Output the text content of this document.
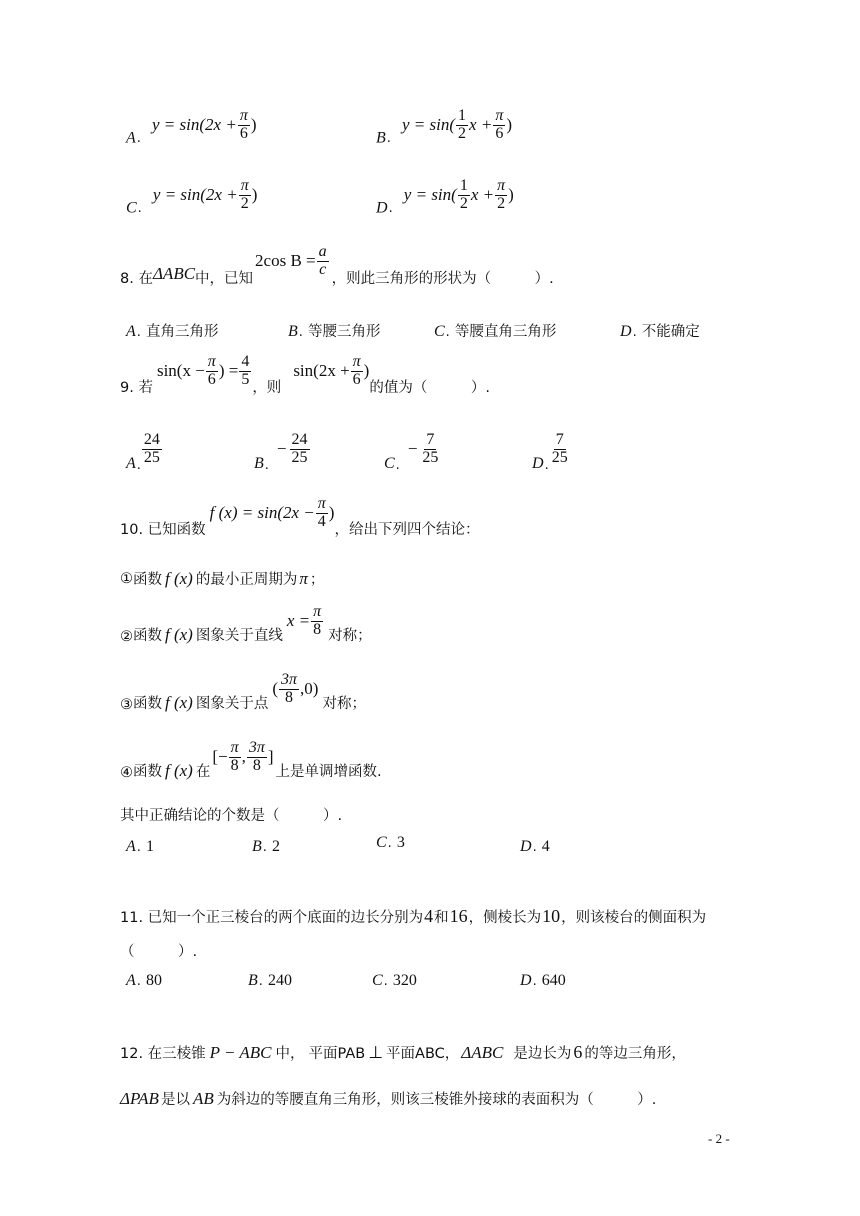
A.
$y = \sin(2x + \frac{\pi}{6}$ )
B.
$y = \sin( \frac{1}{2}$ $x + \frac{\pi}{6}$ )
C.
$y = \sin(2x + \frac{\pi}{2}$ )
D.
$y = \sin( \frac{1}{2}$ $x + \frac{\pi}{2}$ )
8. 在 ΔABC 中，已知
2cos $B = \frac{a}{c}$ ，则此三角形的形状为（　　　）.
A. 直角三角形	B. 等腰三角形	C. 等腰直角三角形	D. 不能确定
9. 若
$\sin(x - \frac{\pi}{6}$ ) = $\frac{4}{5}$ ，则
$\sin(2x + \frac{\pi}{6}$ )
的值为（　　　）.
A . $\frac{24}{25}$	B .
− $\frac{24}{25}$	C .
− $\frac{7}{25}$	D . $\frac{7}{25}$
10. 已知函数
f $(x) = \sin(2x - \frac{\pi}{4}$ )
，给出下列四个结论：
① 函数 f (x) 的最小正周期为 π ；
② 函数 f (x) 图象关于直线
$x = \frac{\pi}{8}$ 对称；
③ 函数 f (x) 图象关于点
( $\frac{3\pi}{8} ,0$)
对称；
④ 函数 f (x) 在
[− $\frac{\pi}{8}$ , $\frac{3\pi}{8}$ ]
上是单调增函数.
其中正确结论的个数是（　　　）.
A. 1	B. 2	C. 3	D. 4
11. 已知一个正三棱台的两个底面的边长分别为 4 和 16 ，侧棱长为 10 ，则该棱台的侧面积为
（　　　）.
A. 80	B. 240	C. 320	D. 640
12. 在三棱锥 P − ABC 中， 平面PAB ⊥ 平面ABC ， ΔABC 是边长为 6 的等边三角形，
ΔPAB 是以 AB 为斜边的等腰直角三角形，则该三棱锥外接球的表面积为（　　　）.
- 2 -
